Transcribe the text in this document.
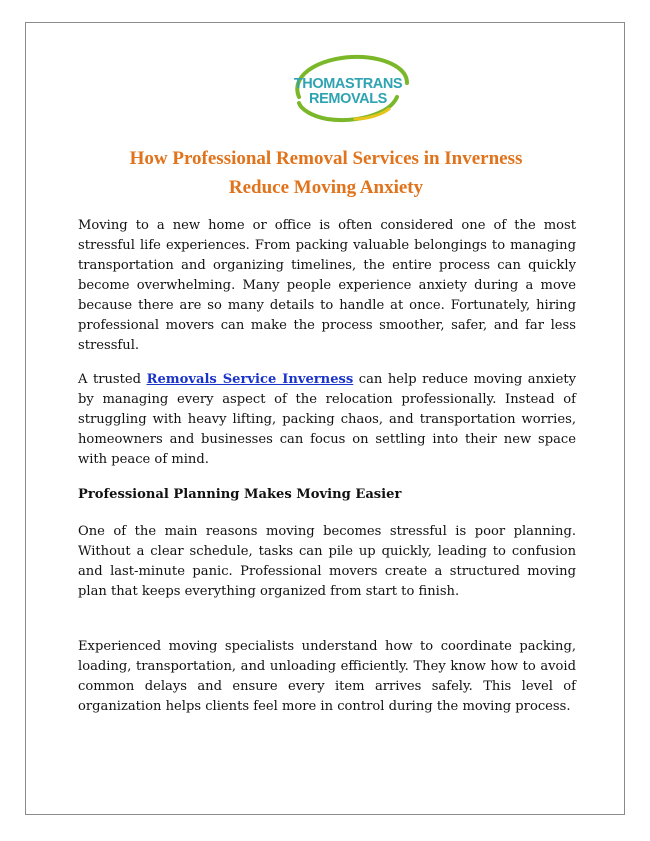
THOMASTRANS
REMOVALS
How Professional Removal Services in Inverness
Reduce Moving Anxiety

Moving to a new home or office is often considered one of the most stressful life experiences. From packing valuable belongings to managing transportation and organizing timelines, the entire process can quickly become overwhelming. Many people experience anxiety during a move because there are so many details to handle at once. Fortunately, hiring professional movers can make the process smoother, safer, and far less stressful.

A trusted Removals Service Inverness can help reduce moving anxiety by managing every aspect of the relocation professionally. Instead of struggling with heavy lifting, packing chaos, and transportation worries, homeowners and businesses can focus on settling into their new space with peace of mind.

Professional Planning Makes Moving Easier

One of the main reasons moving becomes stressful is poor planning. Without a clear schedule, tasks can pile up quickly, leading to confusion and last-minute panic. Professional movers create a structured moving plan that keeps everything organized from start to finish.

Experienced moving specialists understand how to coordinate packing, loading, transportation, and unloading efficiently. They know how to avoid common delays and ensure every item arrives safely. This level of organization helps clients feel more in control during the moving process.
